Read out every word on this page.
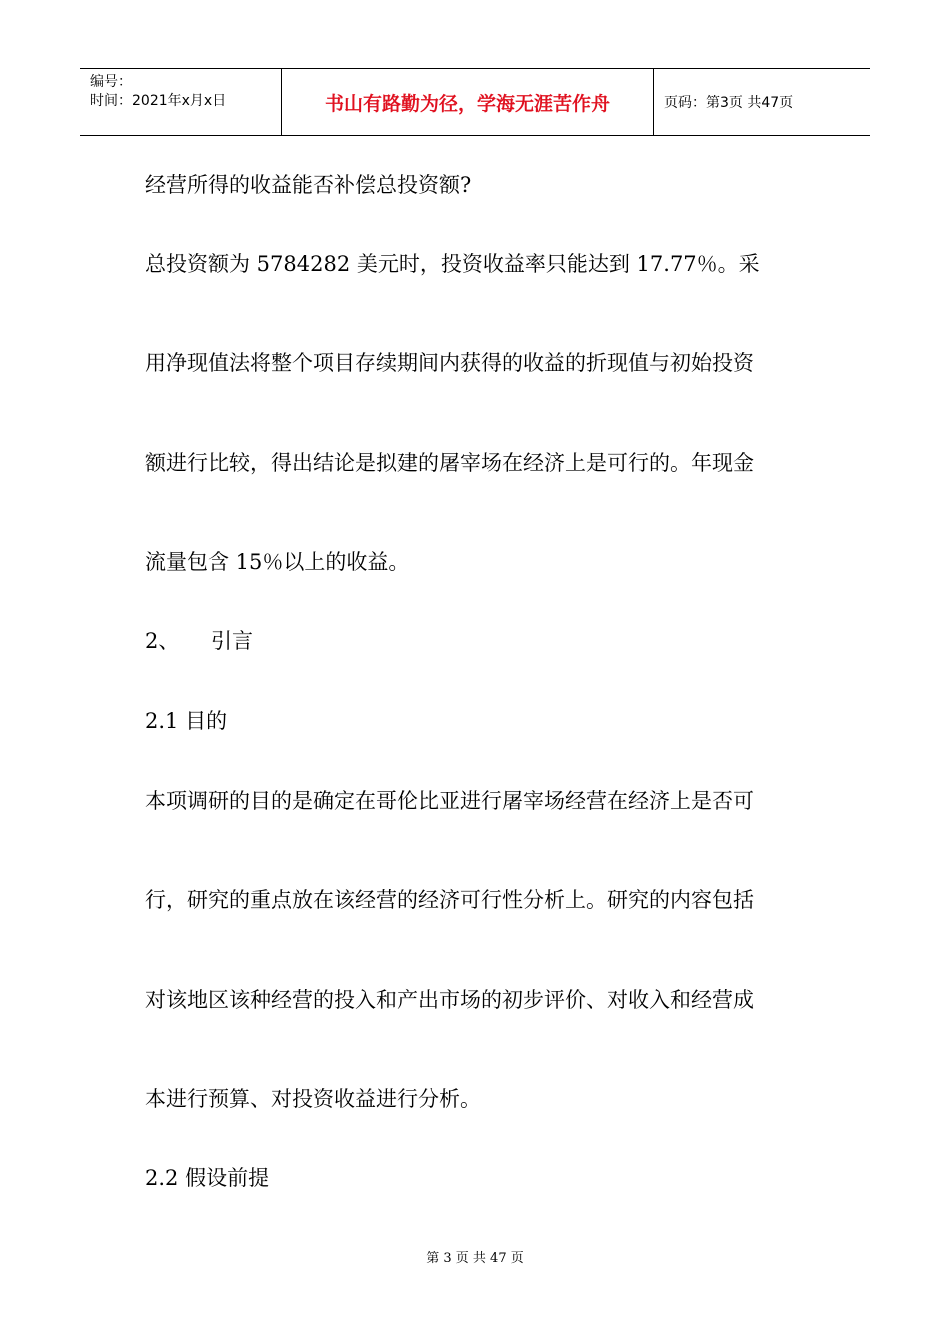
编号：
时间：2021年x月x日	书山有路勤为径，学海无涯苦作舟	页码：第3页 共47页
经营所得的收益能否补偿总投资额?
总投资额为 5784282 美元时，投资收益率只能达到 17.77％。采
用净现值法将整个项目存续期间内获得的收益的折现值与初始投资
额进行比较，得出结论是拟建的屠宰场在经济上是可行的。年现金
流量包含 15％以上的收益。
2、 引言
2.1 目的
本项调研的目的是确定在哥伦比亚进行屠宰场经营在经济上是否可
行，研究的重点放在该经营的经济可行性分析上。研究的内容包括
对该地区该种经营的投入和产出市场的初步评价、对收入和经营成
本进行预算、对投资收益进行分析。
2.2 假设前提
第 3 页 共 47 页
